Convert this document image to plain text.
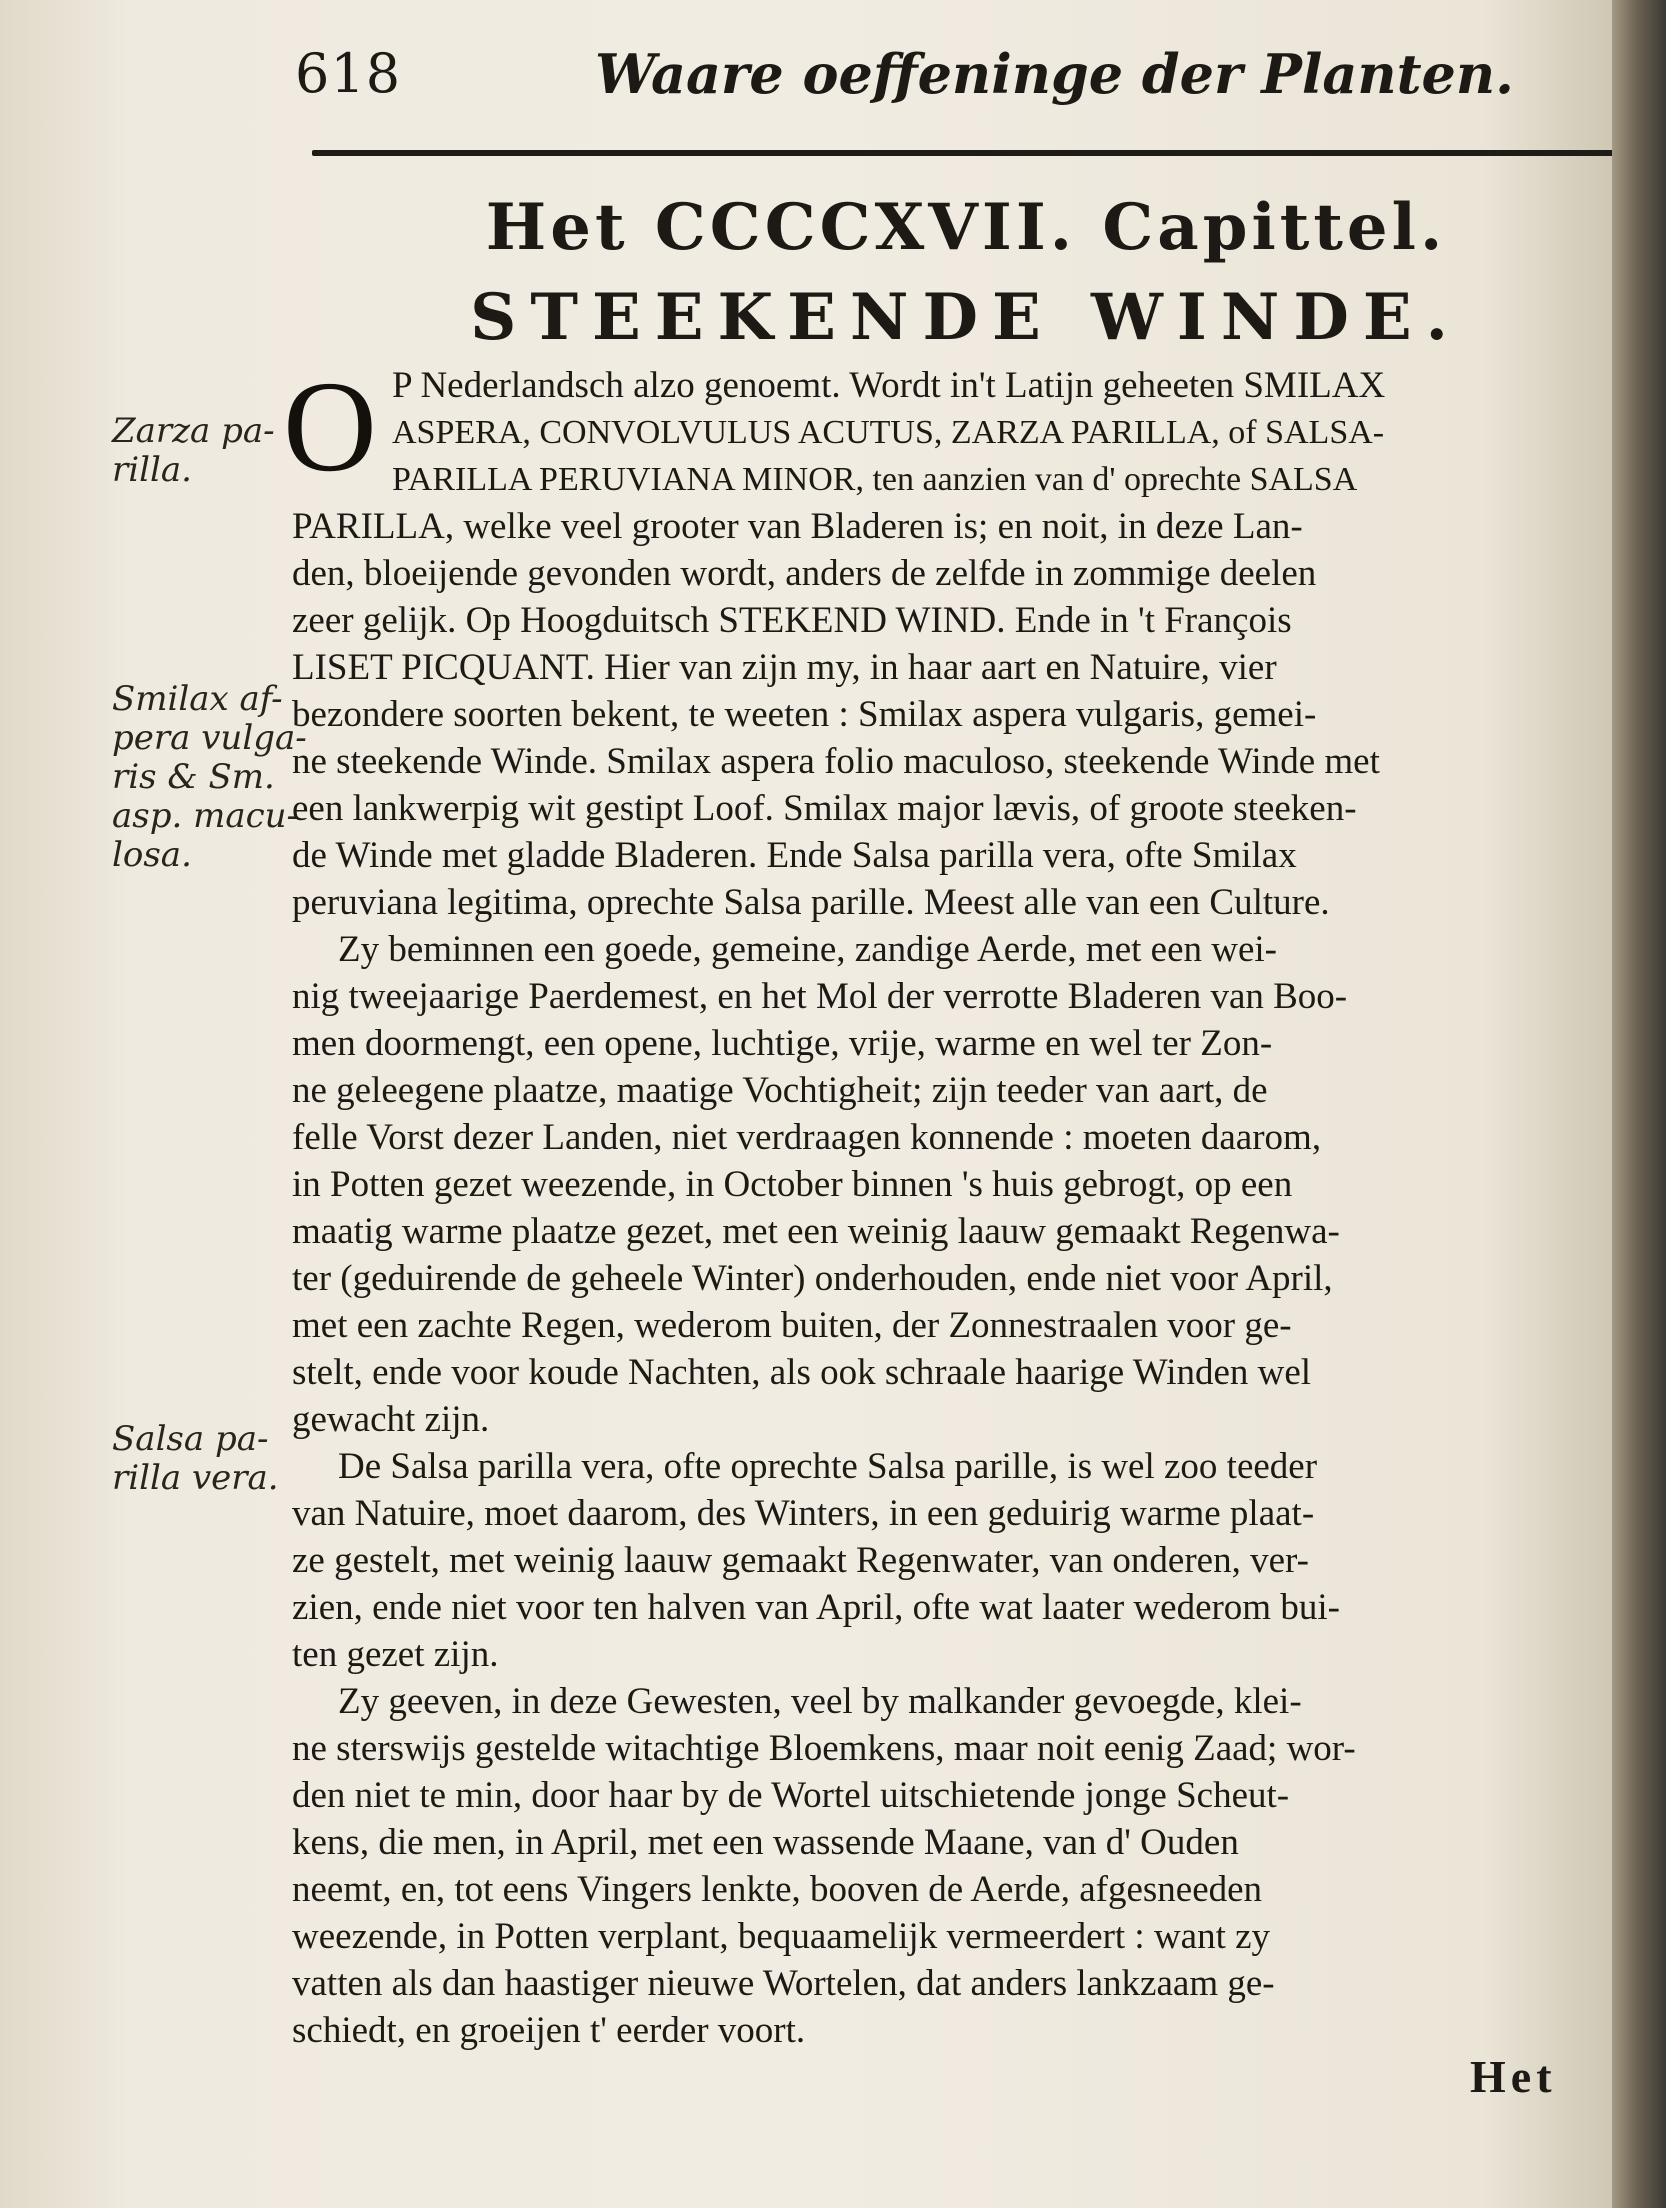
618	Waare oeffeninge der Planten.
Het CCCCXVII. Capittel.
STEEKENDE WINDE.
Zarza pa-
rilla.
Smilax af-
pera vulga-
ris & Sm.
asp. macu-
losa.
Salsa pa-
rilla vera.
O P Nederlandsch alzo genoemt. Wordt in't Latijn geheeten SMILAX
ASPERA, CONVOLVULUS ACUTUS, ZARZA PARILLA, of SALSA-
PARILLA PERUVIANA MINOR, ten aanzien van d' oprechte SALSA
PARILLA, welke veel grooter van Bladeren is; en noit, in deze Lan-
den, bloeijende gevonden wordt, anders de zelfde in zommige deelen
zeer gelijk. Op Hoogduitsch STEKEND WIND. Ende in 't François
LISET PICQUANT. Hier van zijn my, in haar aart en Natuire, vier
bezondere soorten bekent, te weeten : Smilax aspera vulgaris, gemei-
ne steekende Winde. Smilax aspera folio maculoso, steekende Winde met
een lankwerpig wit gestipt Loof. Smilax major lævis, of groote steeken-
de Winde met gladde Bladeren. Ende Salsa parilla vera, ofte Smilax
peruviana legitima, oprechte Salsa parille. Meest alle van een Culture.
Zy beminnen een goede, gemeine, zandige Aerde, met een wei-
nig tweejaarige Paerdemest, en het Mol der verrotte Bladeren van Boo-
men doormengt, een opene, luchtige, vrije, warme en wel ter Zon-
ne geleegene plaatze, maatige Vochtigheit; zijn teeder van aart, de
felle Vorst dezer Landen, niet verdraagen konnende : moeten daarom,
in Potten gezet weezende, in October binnen 's huis gebrogt, op een
maatig warme plaatze gezet, met een weinig laauw gemaakt Regenwa-
ter (geduirende de geheele Winter) onderhouden, ende niet voor April,
met een zachte Regen, wederom buiten, der Zonnestraalen voor ge-
stelt, ende voor koude Nachten, als ook schraale haarige Winden wel
gewacht zijn.
De Salsa parilla vera, ofte oprechte Salsa parille, is wel zoo teeder
van Natuire, moet daarom, des Winters, in een geduirig warme plaat-
ze gestelt, met weinig laauw gemaakt Regenwater, van onderen, ver-
zien, ende niet voor ten halven van April, ofte wat laater wederom bui-
ten gezet zijn.
Zy geeven, in deze Gewesten, veel by malkander gevoegde, klei-
ne sterswijs gestelde witachtige Bloemkens, maar noit eenig Zaad; wor-
den niet te min, door haar by de Wortel uitschietende jonge Scheut-
kens, die men, in April, met een wassende Maane, van d' Ouden
neemt, en, tot eens Vingers lenkte, booven de Aerde, afgesneeden
weezende, in Potten verplant, bequaamelijk vermeerdert : want zy
vatten als dan haastiger nieuwe Wortelen, dat anders lankzaam ge-
schiedt, en groeijen t' eerder voort.
Het
